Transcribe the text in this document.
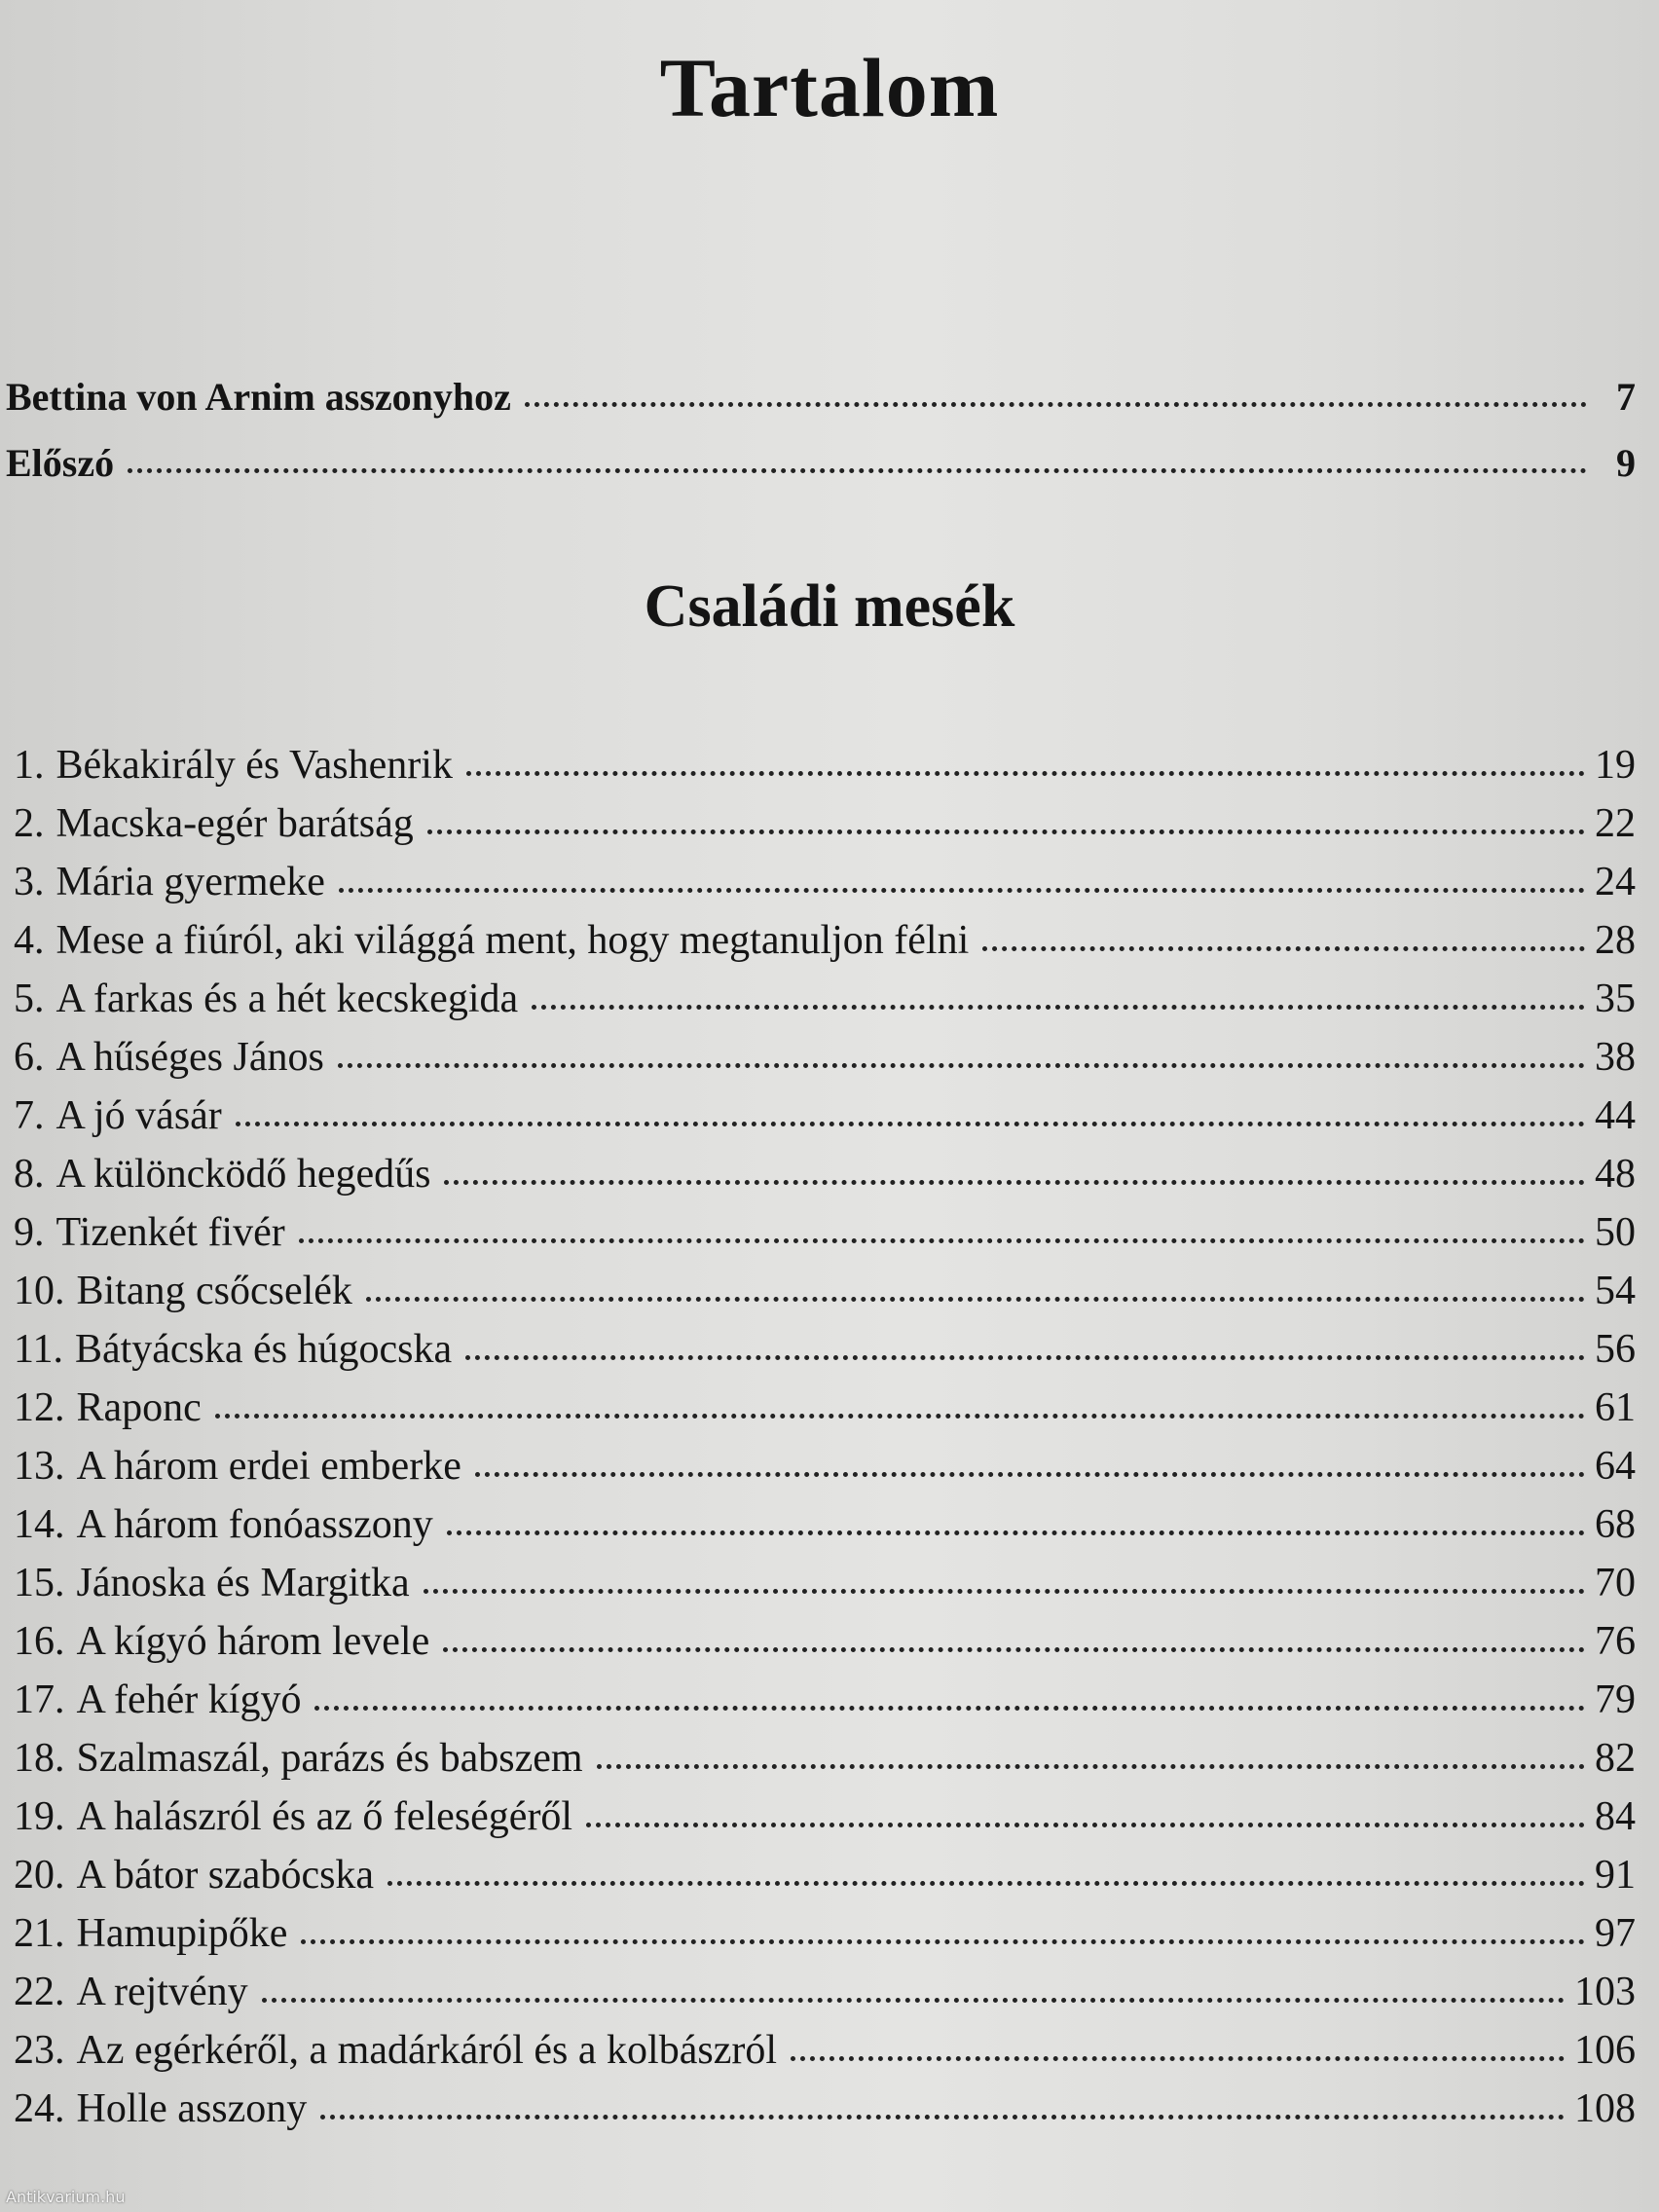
Tartalom
Bettina von Arnim asszonyhoz	7
Előszó	9
Családi mesék
1. Békakirály és Vashenrik	19
2. Macska-egér barátság	22
3. Mária gyermeke	24
4. Mese a fiúról, aki világgá ment, hogy megtanuljon félni	28
5. A farkas és a hét kecskegida	35
6. A hűséges János	38
7. A jó vásár	44
8. A különcködő hegedűs	48
9. Tizenkét fivér	50
10. Bitang csőcselék	54
11. Bátyácska és húgocska	56
12. Raponc	61
13. A három erdei emberke	64
14. A három fonóasszony	68
15. Jánoska és Margitka	70
16. A kígyó három levele	76
17. A fehér kígyó	79
18. Szalmaszál, parázs és babszem	82
19. A halászról és az ő feleségéről	84
20. A bátor szabócska	91
21. Hamupipőke	97
22. A rejtvény	103
23. Az egérkéről, a madárkáról és a kolbászról	106
24. Holle asszony	108
Antikvarium.hu
